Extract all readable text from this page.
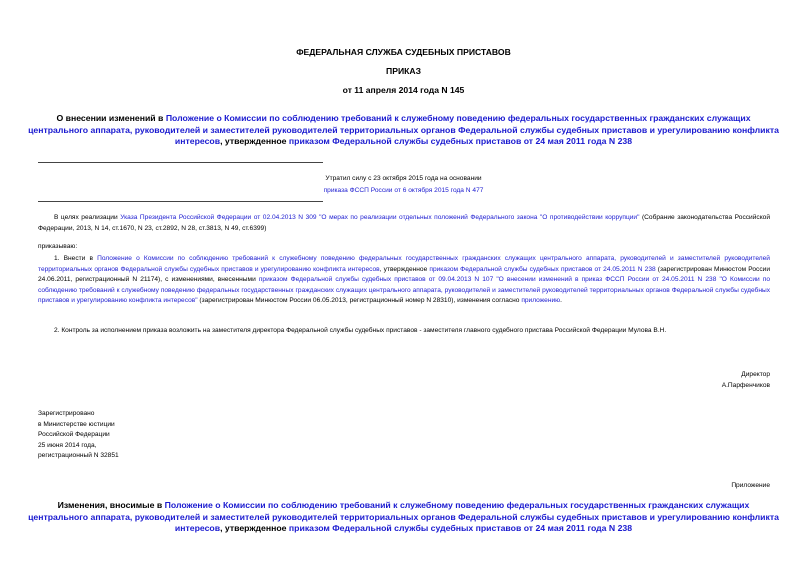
ФЕДЕРАЛЬНАЯ СЛУЖБА СУДЕБНЫХ ПРИСТАВОВ
ПРИКАЗ
от 11 апреля 2014 года N 145
О внесении изменений в Положение о Комиссии по соблюдению требований к служебному поведению федеральных государственных гражданских служащих центрального аппарата, руководителей и заместителей руководителей территориальных органов Федеральной службы судебных приставов и урегулированию конфликта интересов, утвержденное приказом Федеральной службы судебных приставов от 24 мая 2011 года N 238
Утратил силу с 23 октября 2015 года на основании
приказа ФССП России от 6 октября 2015 года N 477
В целях реализации Указа Президента Российской Федерации от 02.04.2013 N 309 "О мерах по реализации отдельных положений Федерального закона "О противодействии коррупции" (Собрание законодательства Российской Федерации, 2013, N 14, ст.1670, N 23, ст.2892, N 28, ст.3813, N 49, ст.6399)
приказываю:
1. Внести в Положение о Комиссии по соблюдению требований к служебному поведению федеральных государственных гражданских служащих центрального аппарата, руководителей и заместителей руководителей территориальных органов Федеральной службы судебных приставов и урегулированию конфликта интересов, утвержденное приказом Федеральной службы судебных приставов от 24.05.2011 N 238 (зарегистрирован Минюстом России 24.06.2011, регистрационный N 21174), с изменениями, внесенными приказом Федеральной службы судебных приставов от 09.04.2013 N 107 "О внесении изменений в приказ ФССП России от 24.05.2011 N 238 "О Комиссии по соблюдению требований к служебному поведению федеральных государственных гражданских служащих центрального аппарата, руководителей и заместителей руководителей территориальных органов Федеральной службы судебных приставов и урегулированию конфликта интересов" (зарегистрирован Минюстом России 06.05.2013, регистрационный номер N 28310), изменения согласно приложению.
2. Контроль за исполнением приказа возложить на заместителя директора Федеральной службы судебных приставов - заместителя главного судебного пристава Российской Федерации Мулова В.Н.
Директор
А.Парфенчиков
Зарегистрировано
в Министерстве юстиции
Российской Федерации
25 июня 2014 года,
регистрационный N 32851
Приложение
Изменения, вносимые в Положение о Комиссии по соблюдению требований к служебному поведению федеральных государственных гражданских служащих центрального аппарата, руководителей и заместителей руководителей территориальных органов Федеральной службы судебных приставов и урегулированию конфликта интересов, утвержденное приказом Федеральной службы судебных приставов от 24 мая 2011 года N 238
